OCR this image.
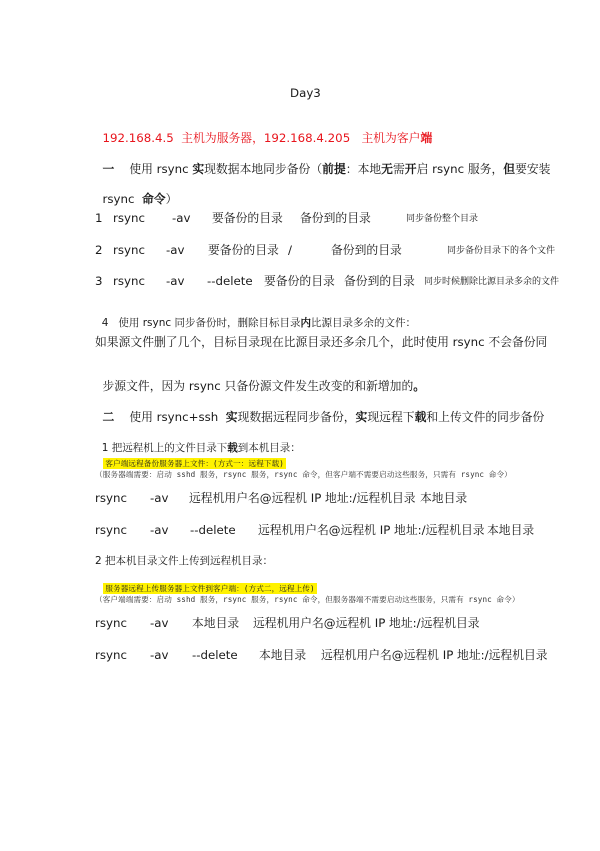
Day3

192.168.4.5 主机为服务器，192.168.4.205 主机为客户端

一 使用 rsync 实现数据本地同步备份（前提：本地无需开启 rsync 服务，但要安装

rsync  命令）

1 rsync -av 要备份的目录 备份到的目录	同步备份整个目录
2 rsync -av 要备份的目录 /	备份到的目录	同步备份目录下的各个文件
3 rsync -av --delete 要备份的目录 备份到的目录 同步时候删除比源目录多余的文件

4   使用 rsync 同步备份时，删除目标目录内比源目录多余的文件：

如果源文件删了几个，目标目录现在比源目录还多余几个，此时使用 rsync 不会备份同

步源文件，因为 rsync 只备份源文件发生改变的和新增加的。

二 使用 rsync+ssh  实现数据远程同步备份，实现远程下载和上传文件的同步备份

1 把远程机上的文件目录下载到本机目录：

客户端远程备份服务器上文件：(方式一：远程下载)

（服务器端需要：启动 sshd 服务，rsync 服务，rsync 命令，但客户端不需要启动这些服务，只需有 rsync 命令）
rsync -av 远程机用户名@远程机 IP 地址:/远程机目录 本地目录
rsync -av --delete 远程机用户名@远程机 IP 地址:/远程机目录 本地目录
2 把本机目录文件上传到远程机目录：

服务器远程上传服务器上文件到客户端：(方式二，远程上传)

（客户端端需要：启动 sshd 服务，rsync 服务，rsync 命令，但服务器端不需要启动这些服务，只需有 rsync 命令）
rsync -av 本地目录 远程机用户名@远程机 IP 地址:/远程机目录
rsync -av --delete 本地目录 远程机用户名@远程机 IP 地址:/远程机目录
